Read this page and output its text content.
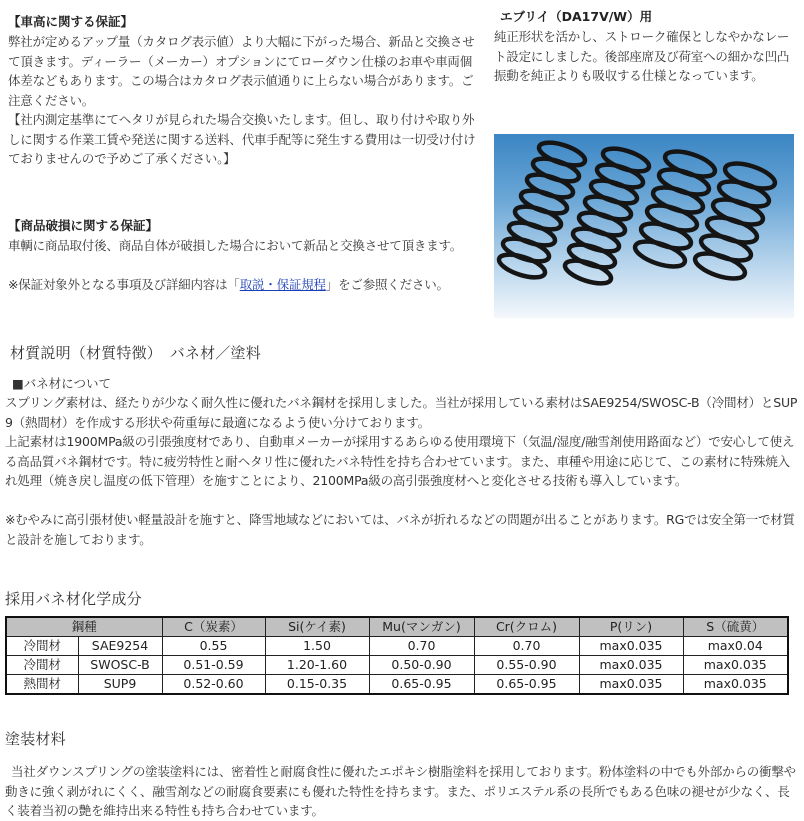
【車高に関する保証】

弊社が定めるアップ量（カタログ表示値）より大幅に下がった場合、新品と交換させて頂きます。ディーラー（メーカー）オプションにてローダウン仕様のお車や車両個体差などもあります。この場合はカタログ表示値通りに上らない場合があります。ご注意ください。

【社内測定基準にてヘタリが見られた場合交換いたします。但し、取り付けや取り外しに関する作業工賃や発送に関する送料、代車手配等に発生する費用は一切受け付けておりませんので予めご了承ください。】

【商品破損に関する保証】

車輌に商品取付後、商品自体が破損した場合において新品と交換させて頂きます。

※保証対象外となる事項及び詳細内容は「取説・保証規程」をご参照ください。

エブリイ（DA17V/W）用

純正形状を活かし、ストローク確保としなやかなレート設定にしました。後部座席及び荷室への細かな凹凸振動を純正よりも吸収する仕様となっています。

材質説明（材質特徴）　バネ材／塗料
■バネ材について

スプリング素材は、経たりが少なく耐久性に優れたバネ鋼材を採用しました。当社が採用している素材はSAE9254/SWOSC-B（冷間材）とSUP9（熱間材）を作成する形状や荷重毎に最適になるよう使い分けております。

上記素材は1900MPa級の引張強度材であり、自動車メーカーが採用するあらゆる使用環境下（気温/湿度/融雪剤使用路面など）で安心して使える高品質バネ鋼材です。特に疲労特性と耐ヘタリ性に優れたバネ特性を持ち合わせています。また、車種や用途に応じて、この素材に特殊焼入れ処理（焼き戻し温度の低下管理）を施すことにより、2100MPa級の高引張強度材へと変化させる技術も導入しています。

※むやみに高引張材使い軽量設計を施すと、降雪地域などにおいては、バネが折れるなどの問題が出ることがあります。RGでは安全第一で材質と設計を施しております。

採用バネ材化学成分
鋼種		C（炭素）	Si(ケイ素)	Mu(マンガン)	Cr(クロム)	P(リン)	S（硫黄）
冷間材	SAE9254	0.55	1.50	0.70	0.70	max0.035	max0.04
冷間材	SWOSC-B	0.51-0.59	1.20-1.60	0.50-0.90	0.55-0.90	max0.035	max0.035
熱間材	SUP9	0.52-0.60	0.15-0.35	0.65-0.95	0.65-0.95	max0.035	max0.035
塗装材料

当社ダウンスプリングの塗装塗料には、密着性と耐腐食性に優れたエポキシ樹脂塗料を採用しております。粉体塗料の中でも外部からの衝撃や動きに強く剥がれにくく、融雪剤などの耐腐食要素にも優れた特性を持ちます。また、ポリエステル系の長所でもある色味の褪せが少なく、長く装着当初の艶を維持出来る特性も持ち合わせています。
